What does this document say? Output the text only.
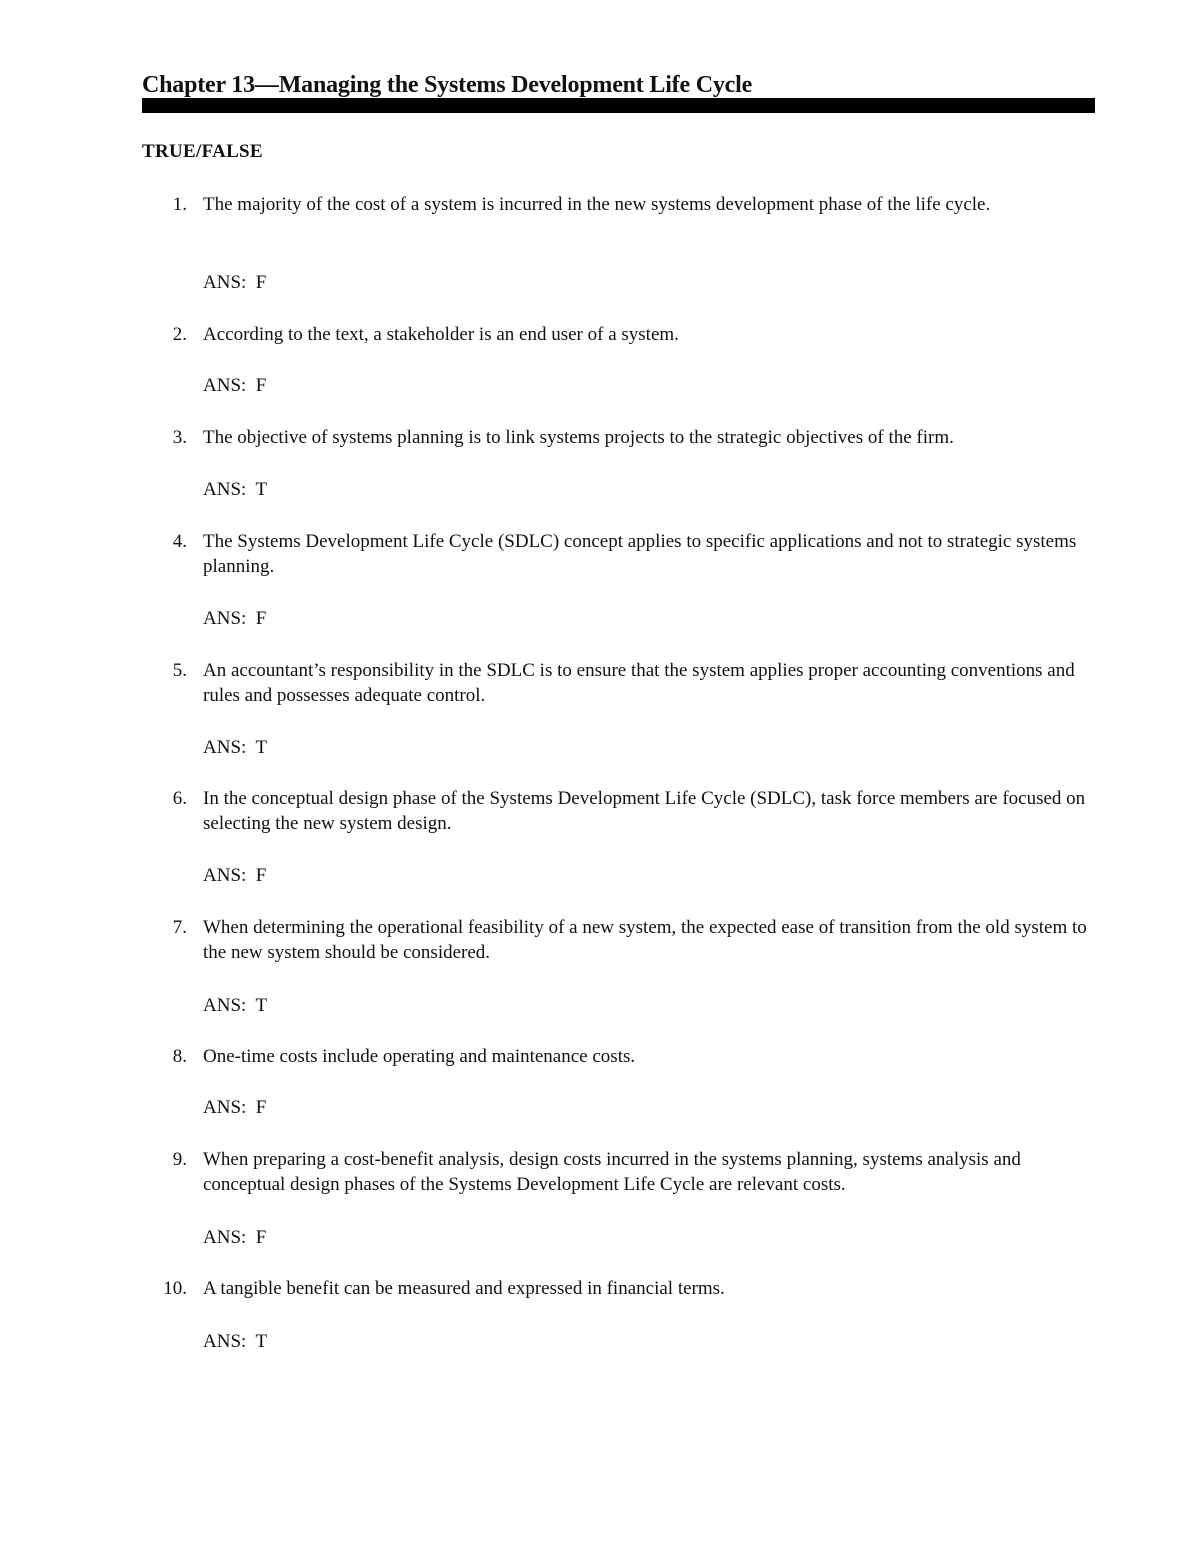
Chapter 13—Managing the Systems Development Life Cycle
TRUE/FALSE
1. The majority of the cost of a system is incurred in the new systems development phase of the life cycle.
ANS: F
2. According to the text, a stakeholder is an end user of a system.
ANS: F
3. The objective of systems planning is to link systems projects to the strategic objectives of the firm.
ANS: T
4. The Systems Development Life Cycle (SDLC) concept applies to specific applications and not to strategic systems planning.
ANS: F
5. An accountant’s responsibility in the SDLC is to ensure that the system applies proper accounting conventions and rules and possesses adequate control.
ANS: T
6. In the conceptual design phase of the Systems Development Life Cycle (SDLC), task force members are focused on selecting the new system design.
ANS: F
7. When determining the operational feasibility of a new system, the expected ease of transition from the old system to the new system should be considered.
ANS: T
8. One-time costs include operating and maintenance costs.
ANS: F
9. When preparing a cost-benefit analysis, design costs incurred in the systems planning, systems analysis and conceptual design phases of the Systems Development Life Cycle are relevant costs.
ANS: F
10. A tangible benefit can be measured and expressed in financial terms.
ANS: T
